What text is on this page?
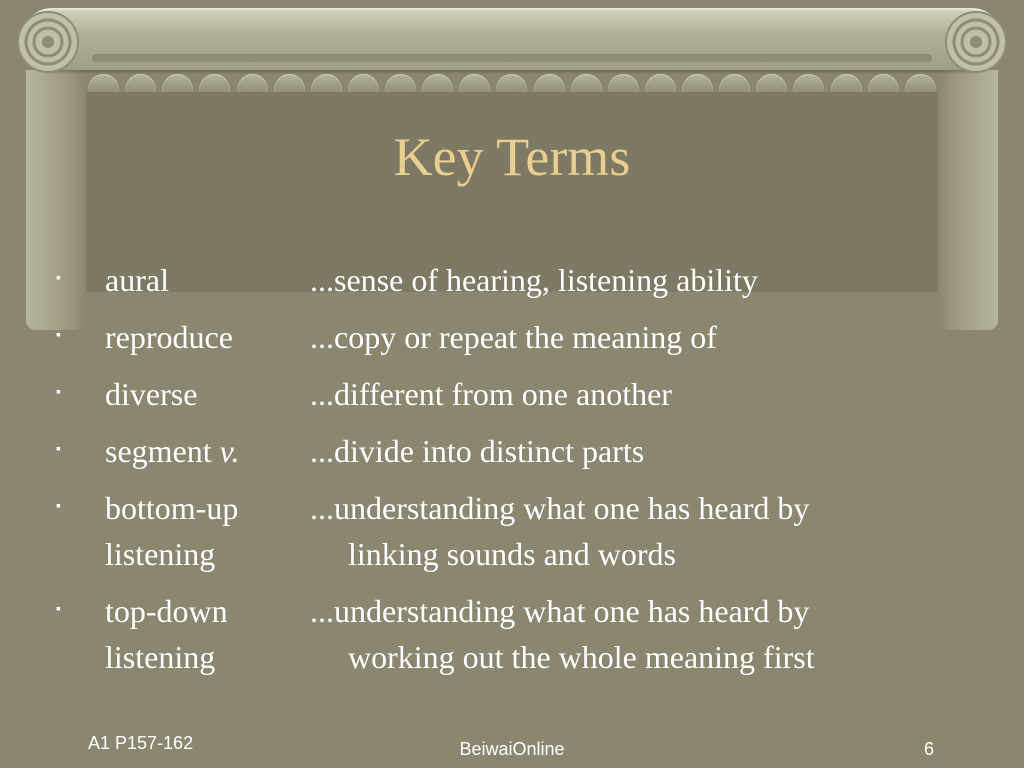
Key Terms
▪ aural	...sense of hearing, listening ability
▪ reproduce ...copy or repeat the meaning of
▪ diverse	...different from one another
▪ segment v. ...divide into distinct parts
▪ bottom-up ...understanding what one has heard by
listening	linking sounds and words
▪ top-down	...understanding what one has heard by
listening	working out the whole meaning first
A1 P157-162	BeiwaiOnline	6
